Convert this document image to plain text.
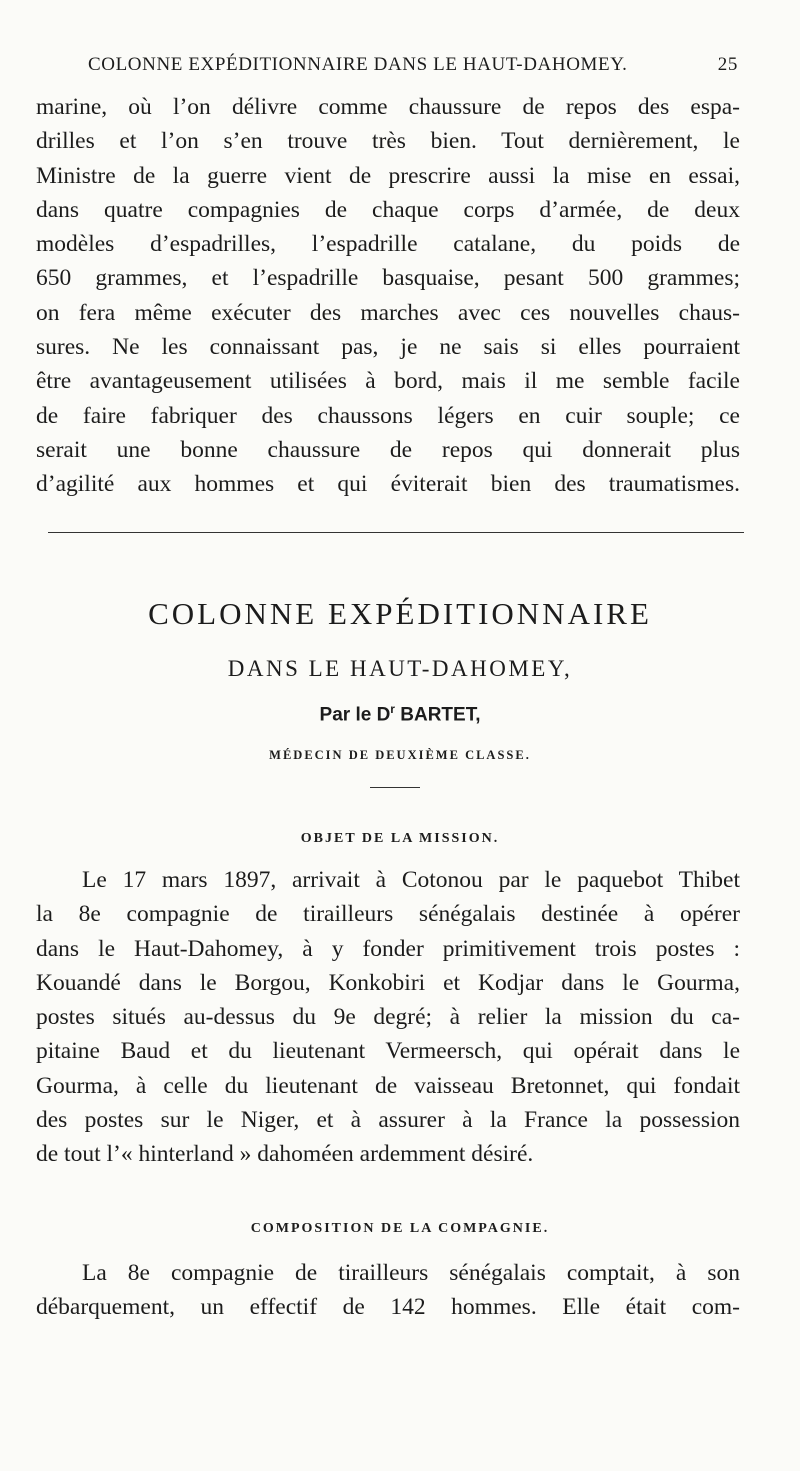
COLONNE EXPÉDITIONNAIRE DANS LE HAUT-DAHOMEY.	25
marine, où l’on délivre comme chaussure de repos des espa-
drilles et l’on s’en trouve très bien. Tout dernièrement, le
Ministre de la guerre vient de prescrire aussi la mise en essai,
dans quatre compagnies de chaque corps d’armée, de deux
modèles d’espadrilles, l’espadrille catalane, du poids de
650 grammes, et l’espadrille basquaise, pesant 500 grammes;
on fera même exécuter des marches avec ces nouvelles chaus-
sures. Ne les connaissant pas, je ne sais si elles pourraient
être avantageusement utilisées à bord, mais il me semble facile
de faire fabriquer des chaussons légers en cuir souple; ce
serait une bonne chaussure de repos qui donnerait plus
d’agilité aux hommes et qui éviterait bien des traumatismes.
COLONNE EXPÉDITIONNAIRE
DANS LE HAUT-DAHOMEY,
Par le $D^r$ BARTET,
MÉDECIN DE DEUXIÈME CLASSE.
OBJET DE LA MISSION.
Le 17 mars 1897, arrivait à Cotonou par le paquebot Thibet
la 8e compagnie de tirailleurs sénégalais destinée à opérer
dans le Haut-Dahomey, à y fonder primitivement trois postes :
Kouandé dans le Borgou, Konkobiri et Kodjar dans le Gourma,
postes situés au-dessus du 9e degré; à relier la mission du ca-
pitaine Baud et du lieutenant Vermeersch, qui opérait dans le
Gourma, à celle du lieutenant de vaisseau Bretonnet, qui fondait
des postes sur le Niger, et à assurer à la France la possession
de tout l’« hinterland » dahoméen ardemment désiré.
COMPOSITION DE LA COMPAGNIE.
La 8e compagnie de tirailleurs sénégalais comptait, à son
débarquement, un effectif de 142 hommes. Elle était com-
